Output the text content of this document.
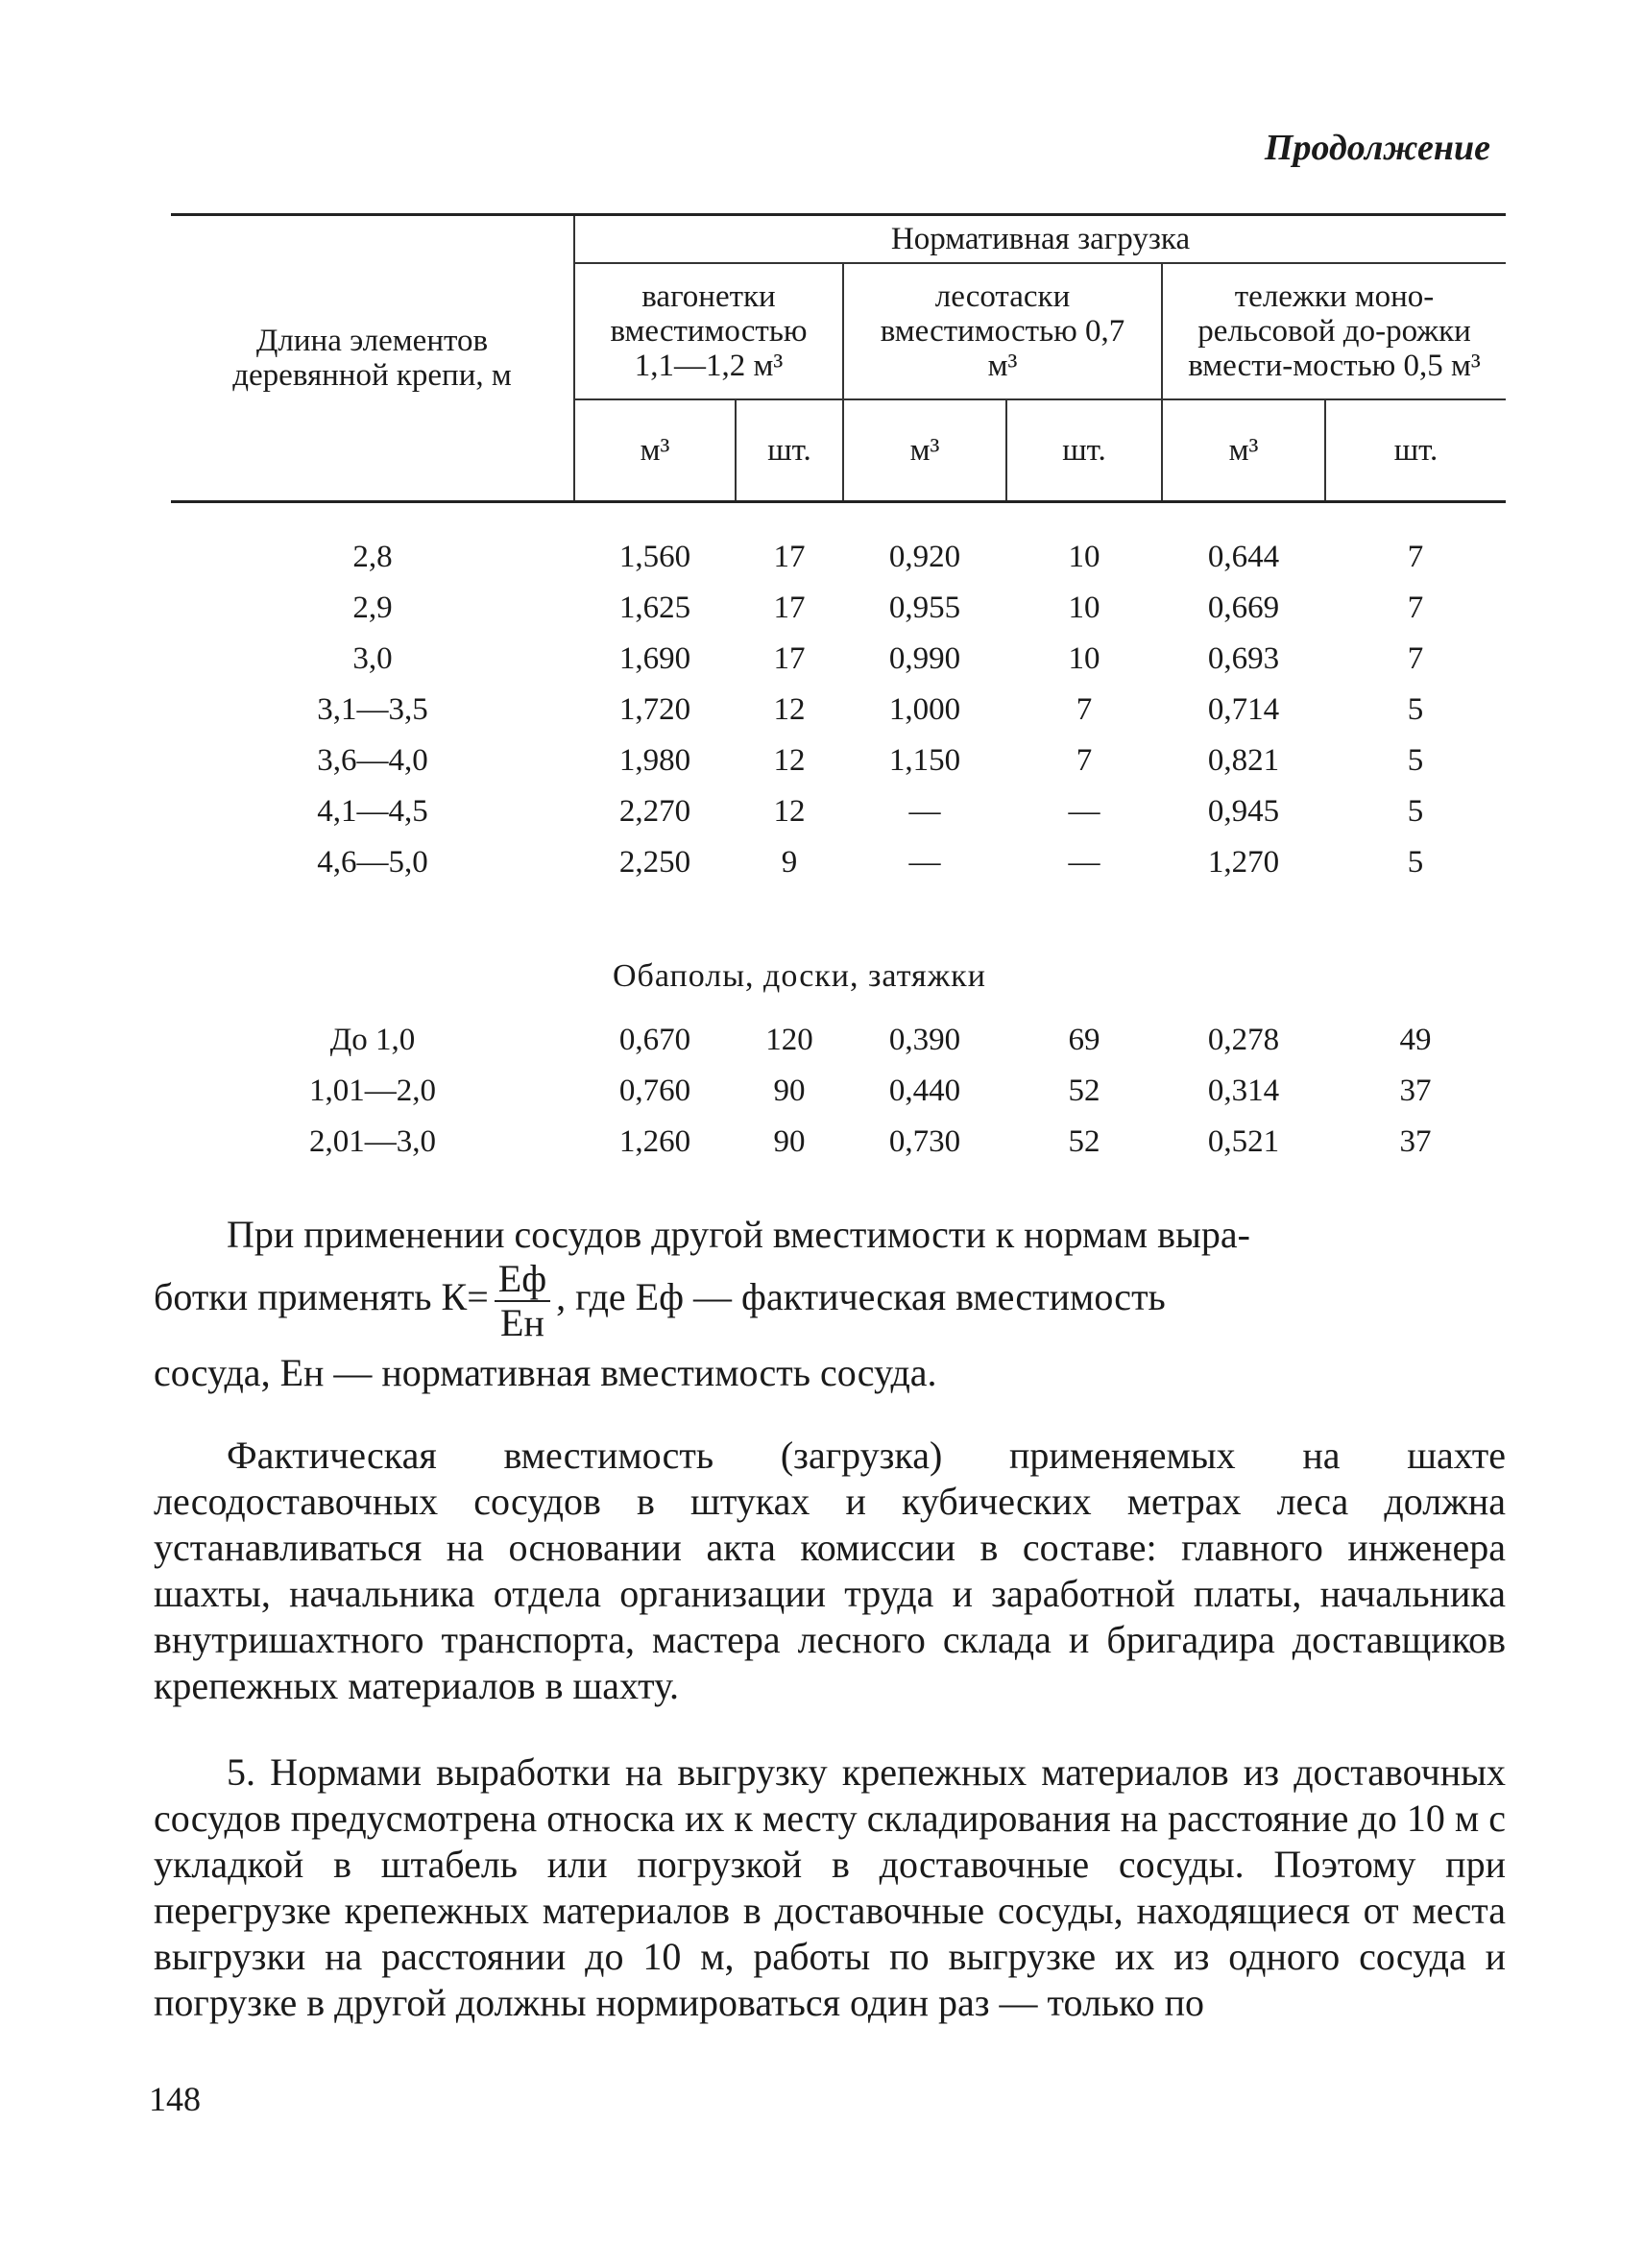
Продолжение
Длина элементов деревянной крепи, м	Нормативная загрузка					
	вагонетки вместимостью 1,1—1,2 м³		лесотаски вместимостью 0,7 м³		тележки моно-рельсовой до-рожки вмести-мостью 0,5 м³	
	м³	шт.	м³	шт.	м³	шт.

2,8	1,560	17	0,920	10	0,644	7
2,9	1,625	17	0,955	10	0,669	7
3,0	1,690	17	0,990	10	0,693	7
3,1—3,5	1,720	12	1,000	7	0,714	5
3,6—4,0	1,980	12	1,150	7	0,821	5
4,1—4,5	2,270	12	—	—	0,945	5
4,6—5,0	2,250	9	—	—	1,270	5

	Обаполы, доски, затяжки					
До 1,0	0,670	120	0,390	69	0,278	49
1,01—2,0	0,760	90	0,440	52	0,314	37
2,01—3,0	1,260	90	0,730	52	0,521	37
При применении сосудов другой вместимости к нормам выра-
ботки применять $К= \frac{Еф}{Ен}$ , где Еф — фактическая вместимость
сосуда, Ен — нормативная вместимость сосуда.

Фактическая вместимость (загрузка) применяемых на шахте лесодоставочных сосудов в штуках и кубических метрах леса должна устанавливаться на основании акта комиссии в составе: главного инженера шахты, начальника отдела организации труда и заработной платы, начальника внутришахтного транспорта, мастера лесного склада и бригадира доставщиков крепежных материалов в шахту.

5. Нормами выработки на выгрузку крепежных материалов из доставочных сосудов предусмотрена относка их к месту складирования на расстояние до 10 м с укладкой в штабель или погрузкой в доставочные сосуды. Поэтому при перегрузке крепежных материалов в доставочные сосуды, находящиеся от места выгрузки на расстоянии до 10 м, работы по выгрузке их из одного сосуда и погрузке в другой должны нормироваться один раз — только по

148
